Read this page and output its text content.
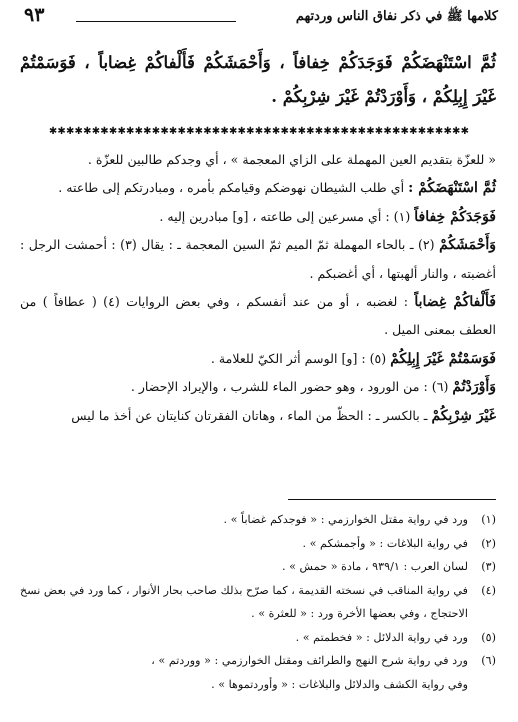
كلامها ﷺ في ذكر نفاق الناس وردتهم
٩٣
ثُمَّ اسْتَنْهَضَكُمْ فَوَجَدَكُمْ خِفافاً ، وَأَحْمَشَكُمْ فَأَلْفاكُمْ غِضاباً ، فَوَسَمْتُمْ غَيْرَ إِبِلِكُمْ ، وَأَوْرَدْتُمْ غَيْرَ شِرْبِكُمْ .
✱✱✱✱✱✱✱✱✱✱✱✱✱✱✱✱✱✱✱✱✱✱✱✱✱✱✱✱✱✱✱✱✱✱✱✱✱✱✱✱✱✱✱✱✱✱✱✱✱

« للعزّة بتقديم العين المهملة على الزاي المعجمة » ، أي وجدكم طالبين للعزّة .

ثُمَّ اسْتَنْهَضَكُمْ : أي طلب الشيطان نهوضكم وقيامكم بأمره ، ومبادرتكم إلى طاعته .

فَوَجَدَكُمْ خِفافاً (١) : أي مسرعين إلى طاعته ، [و] مبادرين إليه .

وَأَحْمَشَكُمْ (٢) ـ بالحاء المهملة ثمّ الميم ثمّ السين المعجمة ـ : يقال (٣) : أحمشت الرجل : أغضبته ، والنار ألهبتها ، أي أغضبكم .

فَأَلْفاكُمْ غِضاباً : لغضبه ، أو من عند أنفسكم ، وفي بعض الروايات (٤) ( عطافاً ) من العطف بمعنى الميل .

فَوَسَمْتُمْ غَيْرَ إِبِلِكُمْ (٥) : [و] الوسم أثر الكيّ للعلامة .

وَأَوْرَدْتُمْ (٦) : من الورود ، وهو حضور الماء للشرب ، والإيراد الإحضار .

غَيْرَ شِرْبِكُمْ ـ بالكسر ـ : الحظّ من الماء ، وهاتان الفقرتان كنايتان عن أخذ ما ليس

(١)
ورد في رواية مقتل الخوارزمي : « فوجدكم غضاباً » .
(٢)
في رواية البلاغات : « وأجمشكم » .
(٣)
لسان العرب : ٩٣٩/١ ، مادة « حمش » .
(٤)
في رواية المناقب في نسخته القديمة ، كما صرّح بذلك صاحب بحار الأنوار ، كما ورد في بعض نسخ الاحتجاج ، وفي بعضها الأخرة ورد : « للعثرة » .
(٥)
ورد في رواية الدلائل : « فخطمتم » .
(٦)
ورد في رواية شرح النهج والطرائف ومقتل الخوارزمي : « ووردتم » ،
وفي رواية الكشف والدلائل والبلاغات : « وأوردتموها » .
